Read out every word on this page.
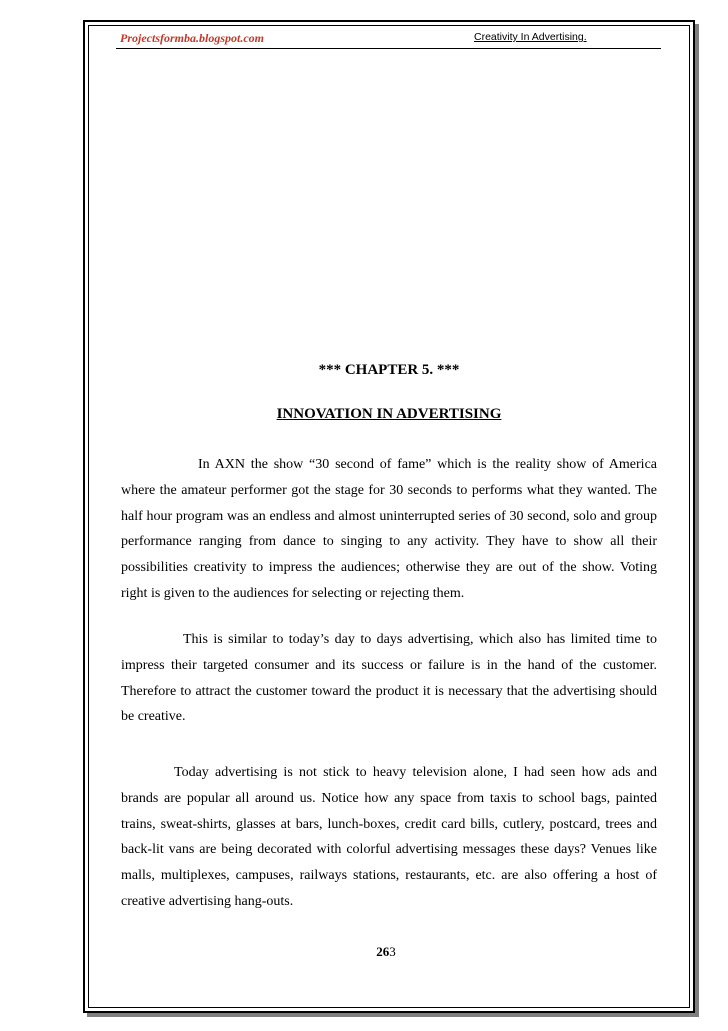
Projectsformba.blogspot.com	Creativity In Advertising.
*** CHAPTER 5. ***
INNOVATION IN ADVERTISING

In AXN the show “30 second of fame” which is the reality show of America where the amateur performer got the stage for 30 seconds to performs what they wanted. The half hour program was an endless and almost uninterrupted series of 30 second, solo and group performance ranging from dance to singing to any activity. They have to show all their possibilities creativity to impress the audiences; otherwise they are out of the show. Voting right is given to the audiences for selecting or rejecting them.

This is similar to today’s day to days advertising, which also has limited time to impress their targeted consumer and its success or failure is in the hand of the customer. Therefore to attract the customer toward the product it is necessary that the advertising should be creative.

Today advertising is not stick to heavy television alone, I had seen how ads and brands are popular all around us. Notice how any space from taxis to school bags, painted trains, sweat-shirts, glasses at bars, lunch-boxes, credit card bills, cutlery, postcard, trees and back-lit vans are being decorated with colorful advertising messages these days? Venues like malls, multiplexes, campuses, railways stations, restaurants, etc. are also offering a host of creative advertising hang-outs.

263
